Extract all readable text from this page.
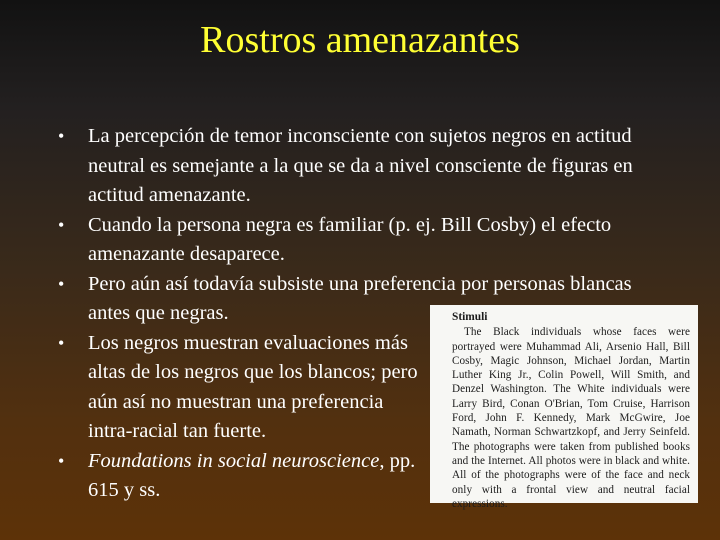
Rostros amenazantes
• La percepción de temor inconsciente con sujetos negros en actitud neutral es semejante a la que se da a nivel consciente de figuras en actitud amenazante.
• Cuando la persona negra es familiar (p. ej. Bill Cosby) el efecto amenazante desaparece.
• Pero aún así todavía subsiste una preferencia por personas blancas antes que negras.
• Los negros muestran evaluaciones más altas de los negros que los blancos; pero aún así no muestran una preferencia intra-racial tan fuerte.
• Foundations in social neuroscience, pp. 615 y ss.
Stimuli
The Black individuals whose faces were portrayed were Muhammad Ali, Arsenio Hall, Bill Cosby, Magic Johnson, Michael Jordan, Martin Luther King Jr., Colin Powell, Will Smith, and Denzel Washington. The White individuals were Larry Bird, Conan O'Brian, Tom Cruise, Harrison Ford, John F. Kennedy, Mark McGwire, Joe Namath, Norman Schwartzkopf, and Jerry Seinfeld. The photographs were taken from published books and the Internet. All photos were in black and white. All of the photographs were of the face and neck only with a frontal view and neutral facial expressions.
